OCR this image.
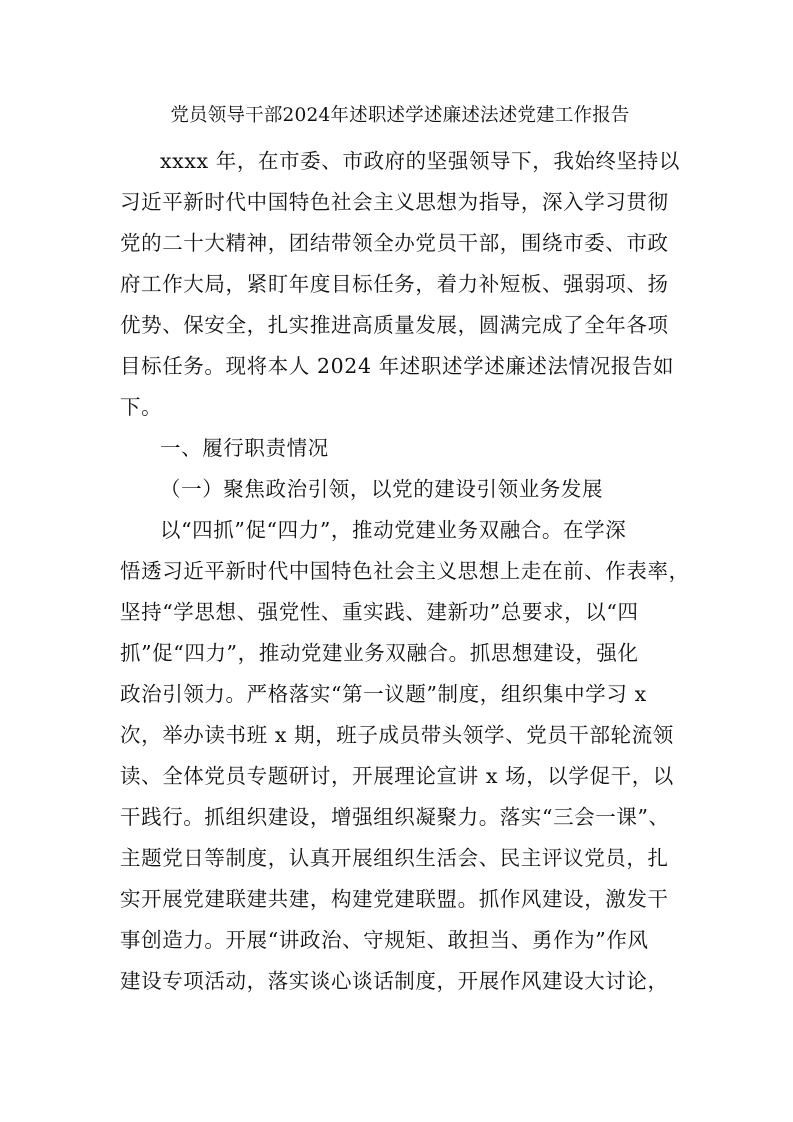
党员领导干部2024年述职述学述廉述法述党建工作报告
xxxx 年，在市委、市政府的坚强领导下，我始终坚持以
习近平新时代中国特色社会主义思想为指导，深入学习贯彻
党的二十大精神，团结带领全办党员干部，围绕市委、市政
府工作大局，紧盯年度目标任务，着力补短板、强弱项、扬
优势、保安全，扎实推进高质量发展，圆满完成了全年各项
目标任务。现将本人 2024 年述职述学述廉述法情况报告如
下。
一、履行职责情况
（一）聚焦政治引领，以党的建设引领业务发展
以“四抓”促“四力”，推动党建业务双融合。在学深
悟透习近平新时代中国特色社会主义思想上走在前、作表率，
坚持“学思想、强党性、重实践、建新功”总要求，以“四
抓”促“四力”，推动党建业务双融合。抓思想建设，强化
政治引领力。严格落实“第一议题”制度，组织集中学习 x
次，举办读书班 x 期，班子成员带头领学、党员干部轮流领
读、全体党员专题研讨，开展理论宣讲 x 场，以学促干，以
干践行。抓组织建设，增强组织凝聚力。落实“三会一课”、
主题党日等制度，认真开展组织生活会、民主评议党员，扎
实开展党建联建共建，构建党建联盟。抓作风建设，激发干
事创造力。开展“讲政治、守规矩、敢担当、勇作为”作风
建设专项活动，落实谈心谈话制度，开展作风建设大讨论，
